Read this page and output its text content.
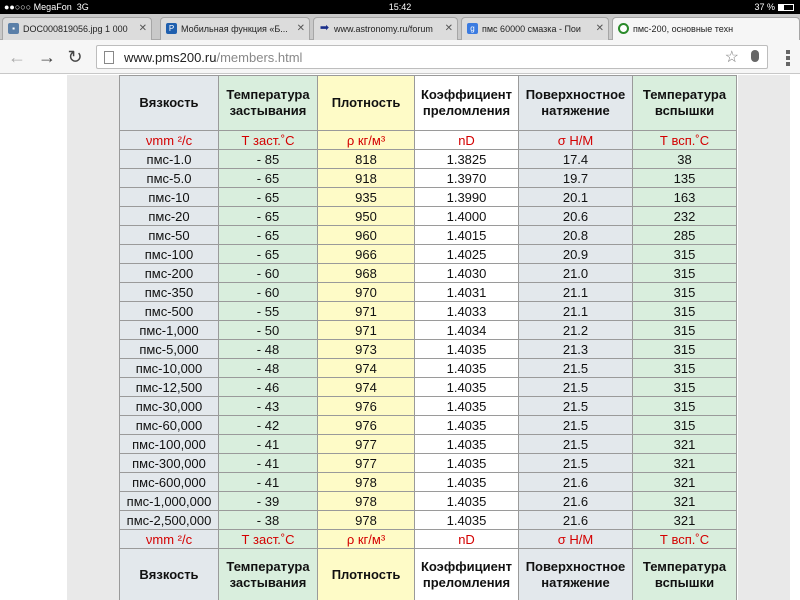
●●○○○ MegaFon 3G	15:42	37 %
▪ DOC000819056.jpg 1 000 ✕	P Мобильная функция «Б... ✕ ➡ www.astronomy.ru/forum ✕	g пмс 60000 смазка - Пои ✕	пмс-200, основные техн
← → ↻	www.pms200.ru/members.html	☆
Вязкость	Температура застывания	Плотность	Коэффициент преломления	Поверхностное натяжение	Температура вспышки
νmm ²/с	Т заст.˚С	ρ кг/м³	nD	σ Н/М	Т всп.˚С
пмс-1.0	- 85	818	1.3825	17.4	38
пмс-5.0	- 65	918	1.3970	19.7	135
пмс-10	- 65	935	1.3990	20.1	163
пмс-20	- 65	950	1.4000	20.6	232
пмс-50	- 65	960	1.4015	20.8	285
пмс-100	- 65	966	1.4025	20.9	315
пмс-200	- 60	968	1.4030	21.0	315
пмс-350	- 60	970	1.4031	21.1	315
пмс-500	- 55	971	1.4033	21.1	315
пмс-1,000	- 50	971	1.4034	21.2	315
пмс-5,000	- 48	973	1.4035	21.3	315
пмс-10,000	- 48	974	1.4035	21.5	315
пмс-12,500	- 46	974	1.4035	21.5	315
пмс-30,000	- 43	976	1.4035	21.5	315
пмс-60,000	- 42	976	1.4035	21.5	315
пмс-100,000	- 41	977	1.4035	21.5	321
пмс-300,000	- 41	977	1.4035	21.5	321
пмс-600,000	- 41	978	1.4035	21.6	321
пмс-1,000,000	- 39	978	1.4035	21.6	321
пмс-2,500,000	- 38	978	1.4035	21.6	321
νmm ²/с	Т заст.˚С	ρ кг/м³	nD	σ Н/М	Т всп.˚С
Вязкость	Температура застывания	Плотность	Коэффициент преломления	Поверхностное натяжение	Температура вспышки
